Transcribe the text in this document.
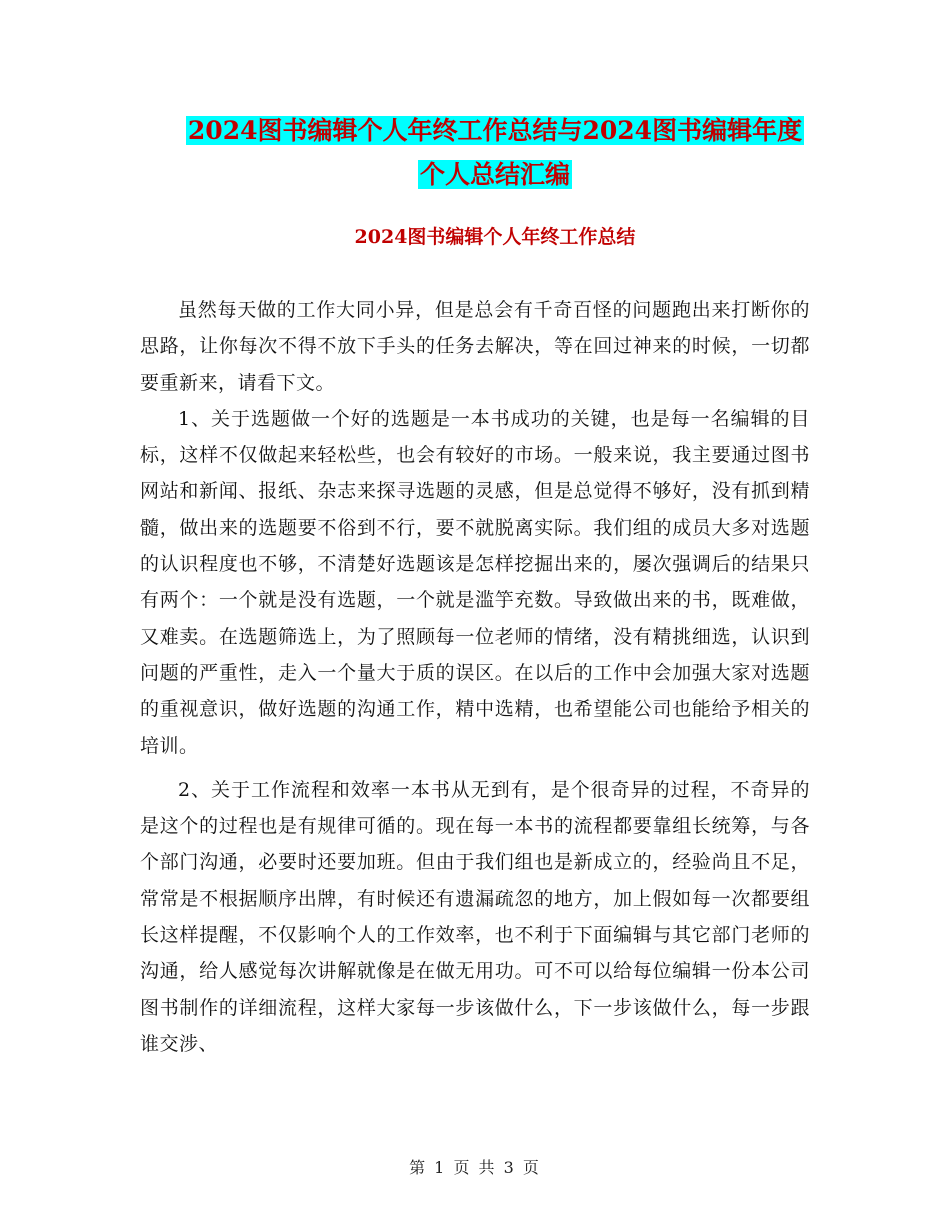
2024图书编辑个人年终工作总结与2024图书编辑年度
个人总结汇编
2024图书编辑个人年终工作总结

虽然每天做的工作大同小异，但是总会有千奇百怪的问题跑出来打断你的思路，让你每次不得不放下手头的任务去解决，等在回过神来的时候，一切都要重新来，请看下文。

1、关于选题做一个好的选题是一本书成功的关键，也是每一名编辑的目标，这样不仅做起来轻松些，也会有较好的市场。一般来说，我主要通过图书网站和新闻、报纸、杂志来探寻选题的灵感，但是总觉得不够好，没有抓到精髓，做出来的选题要不俗到不行，要不就脱离实际。我们组的成员大多对选题的认识程度也不够，不清楚好选题该是怎样挖掘出来的，屡次强调后的结果只有两个：一个就是没有选题，一个就是滥竽充数。导致做出来的书，既难做，又难卖。在选题筛选上，为了照顾每一位老师的情绪，没有精挑细选，认识到问题的严重性，走入一个量大于质的误区。在以后的工作中会加强大家对选题的重视意识，做好选题的沟通工作，精中选精，也希望能公司也能给予相关的培训。

2、关于工作流程和效率一本书从无到有，是个很奇异的过程，不奇异的是这个的过程也是有规律可循的。现在每一本书的流程都要靠组长统筹，与各个部门沟通，必要时还要加班。但由于我们组也是新成立的，经验尚且不足，常常是不根据顺序出牌，有时候还有遗漏疏忽的地方，加上假如每一次都要组长这样提醒，不仅影响个人的工作效率，也不利于下面编辑与其它部门老师的沟通，给人感觉每次讲解就像是在做无用功。可不可以给每位编辑一份本公司图书制作的详细流程，这样大家每一步该做什么，下一步该做什么，每一步跟谁交涉、

第 1 页 共 3 页
